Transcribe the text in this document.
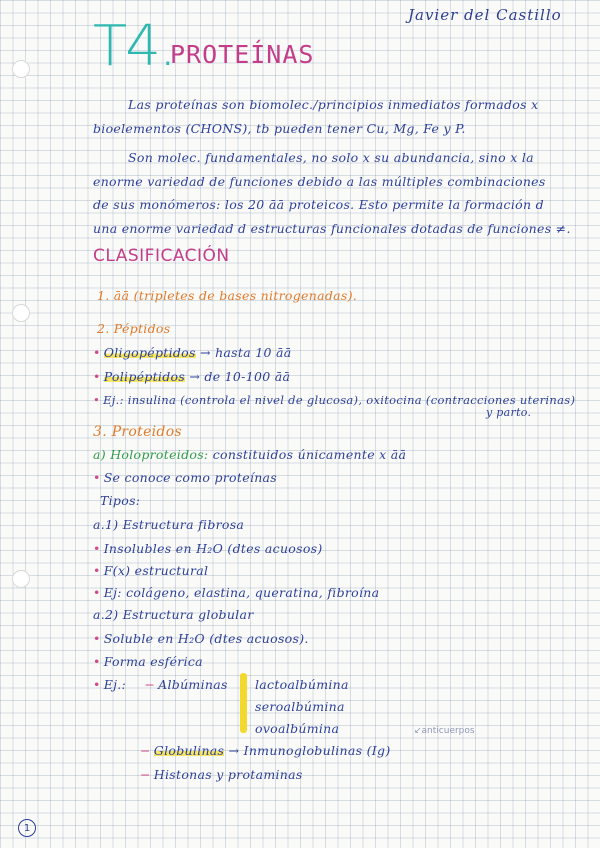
Javier del Castillo
T4.
PROTEÍNAS
Las proteínas son biomolec./principios inmediatos formados x
bioelementos (CHONS), tb pueden tener Cu, Mg, Fe y P.
Son molec. fundamentales, no solo x su abundancia, sino x la
enorme variedad de funciones debido a las múltiples combinaciones
de sus monómeros: los 20 āā proteicos. Esto permite la formación d
una enorme variedad d estructuras funcionales dotadas de funciones ≠.
CLASIFICACIÓN
1. āā (tripletes de bases nitrogenadas).
2. Péptidos
• Oligopéptidos → hasta 10 āā
• Polipéptidos → de 10-100 āā
• Ej.: insulina (controla el nivel de glucosa), oxitocina (contracciones uterinas)
y parto.
3. Proteidos
a) Holoproteidos: constituidos únicamente x āā
• Se conoce como proteínas
Tipos:
a.1) Estructura fibrosa
• Insolubles en H₂O (dtes acuosos)
• F(x) estructural
• Ej: colágeno, elastina, queratina, fibroína
a.2) Estructura globular
• Soluble en H₂O (dtes acuosos).
• Forma esférica
• Ej.: − Albúminas lactoalbúmina
seroalbúmina
ovoalbúmina	↙anticuerpos
− Globulinas → Inmunoglobulinas (Ig)
− Histonas y protaminas
1
